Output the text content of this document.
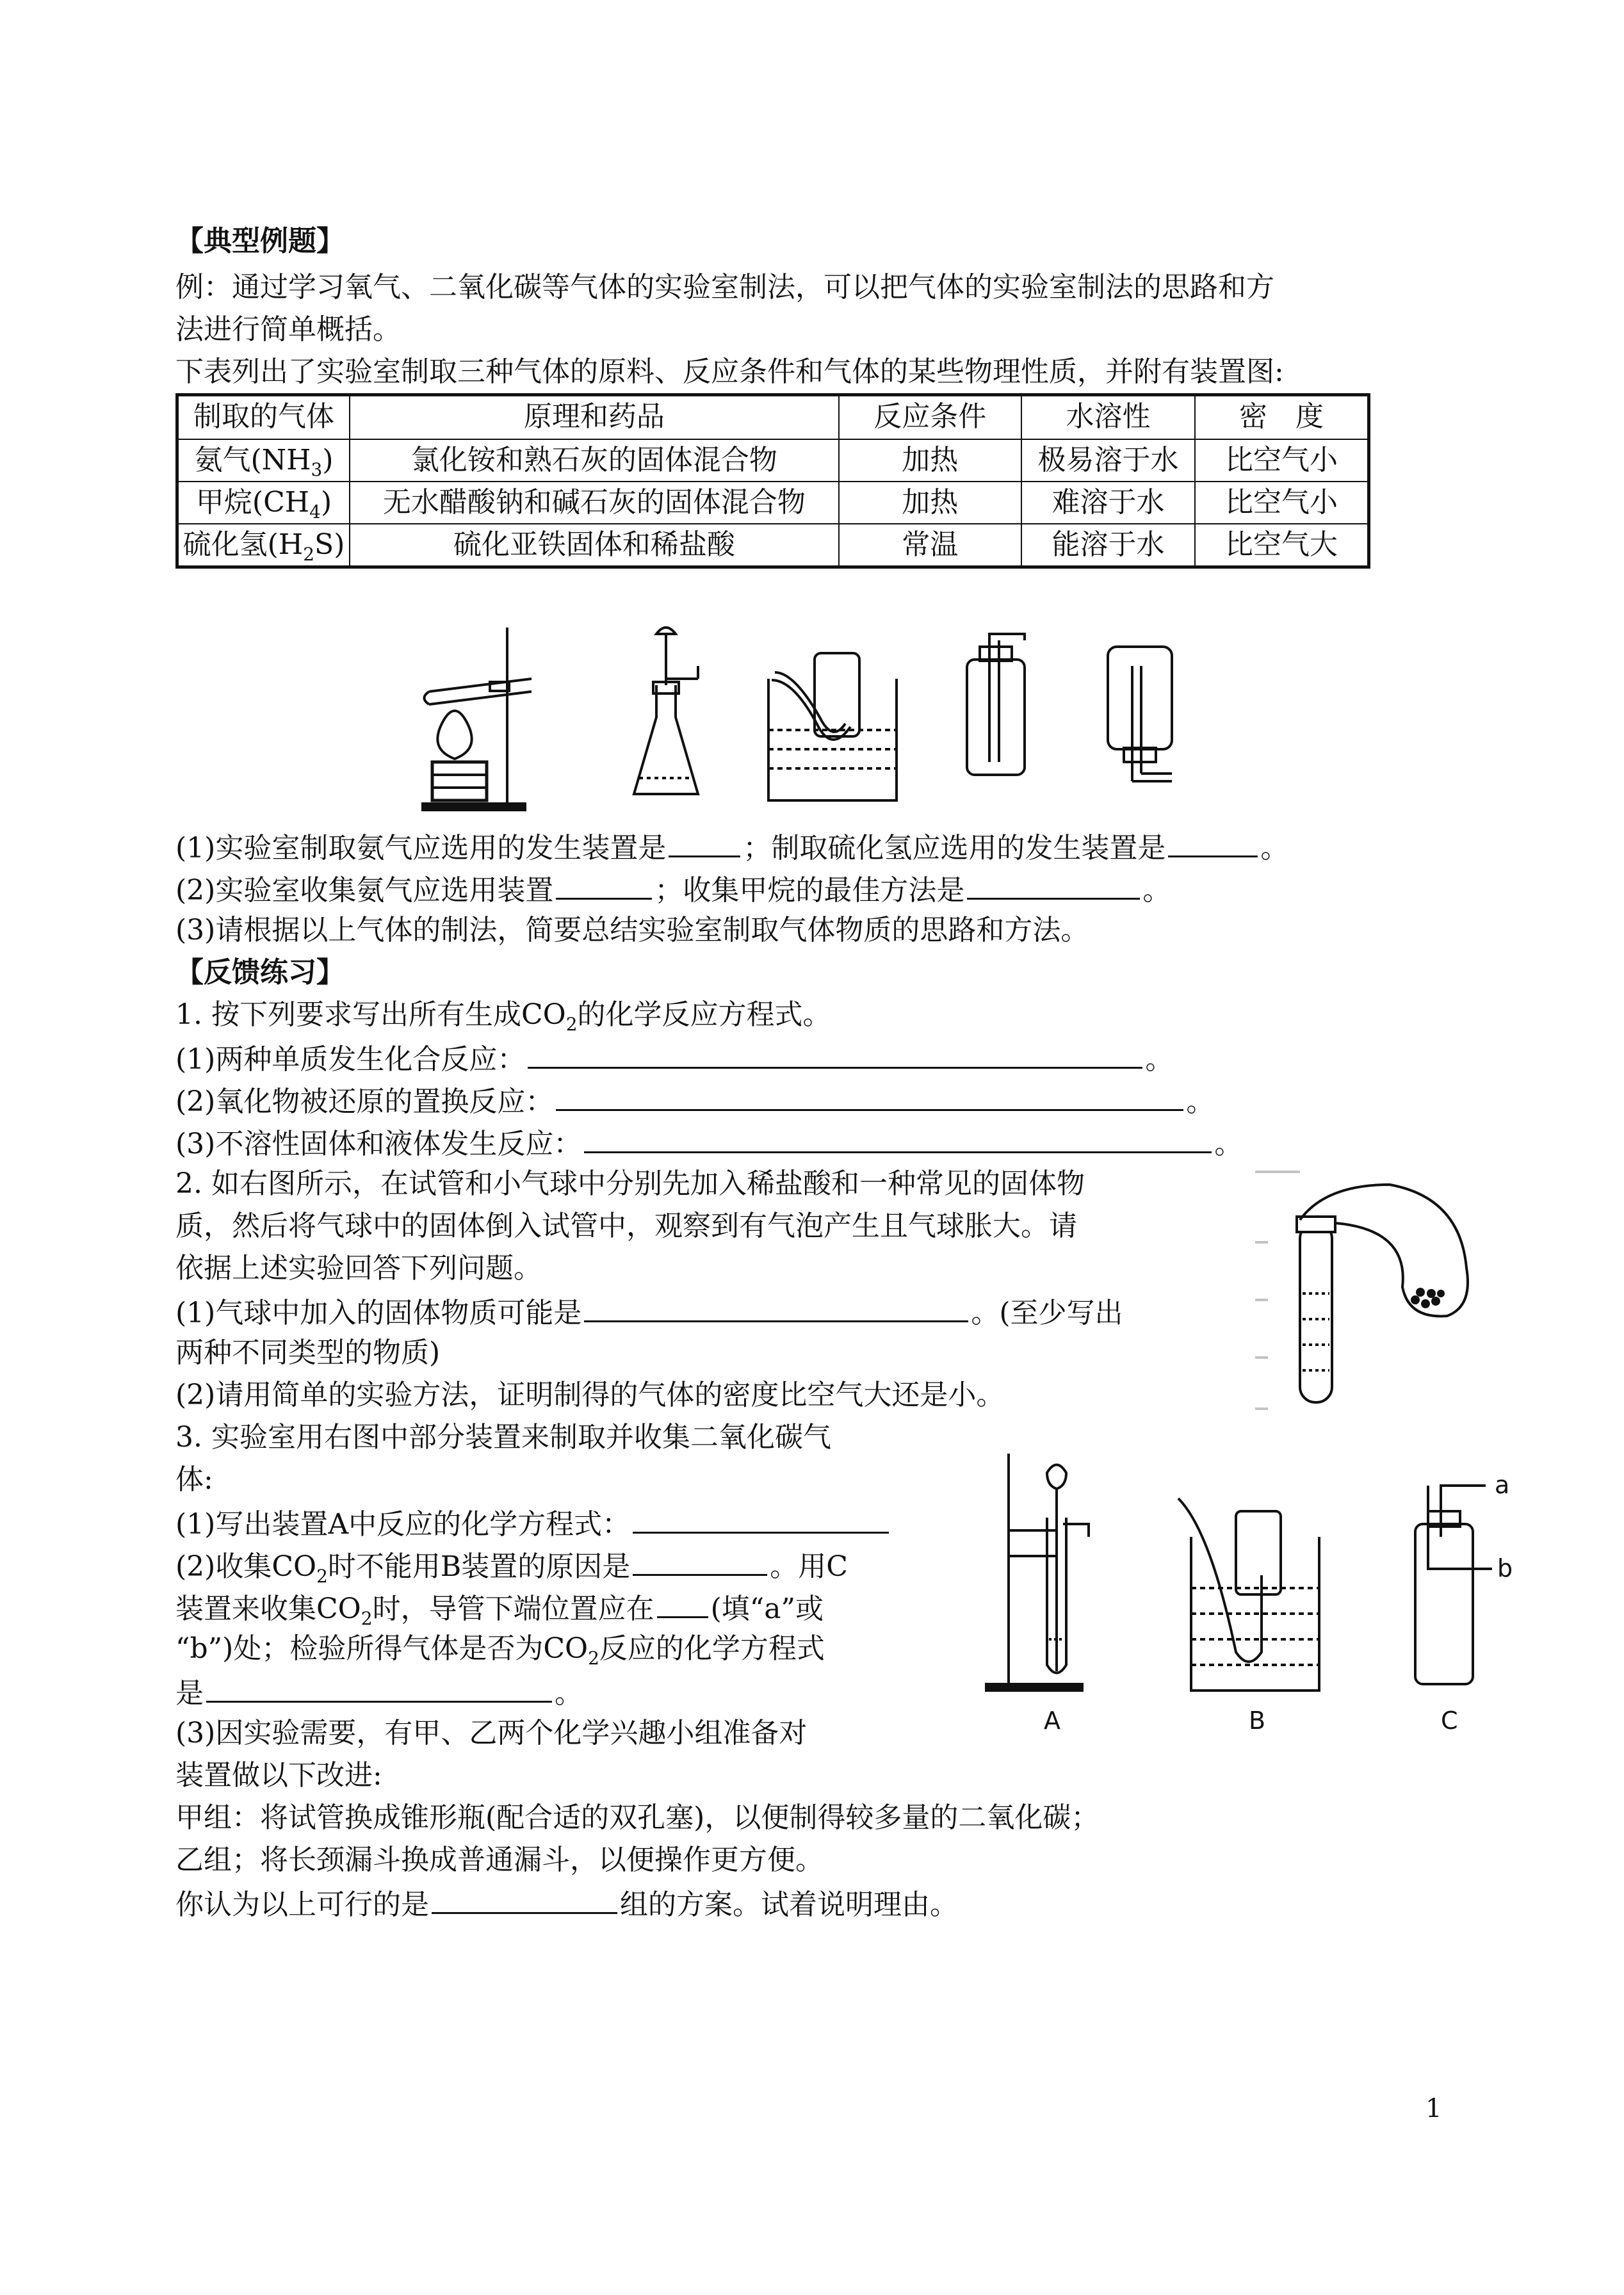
【典型例题】
例：通过学习氧气、二氧化碳等气体的实验室制法，可以把气体的实验室制法的思路和方
法进行简单概括。
下表列出了实验室制取三种气体的原料、反应条件和气体的某些物理性质，并附有装置图:
制取的气体	原理和药品	反应条件	水溶性	密　度
氨气$(NH_3)$	氯化铵和熟石灰的固体混合物	加热	极易溶于水	比空气小
甲烷$(CH_4)$	无水醋酸钠和碱石灰的固体混合物	加热	难溶于水	比空气小
硫化氢$(H_2S)$	硫化亚铁固体和稀盐酸	常温	能溶于水	比空气大
(1)实验室制取氨气应选用的发生装置是	；制取硫化氢应选用的发生装置是	。
(2)实验室收集氨气应选用装置	；收集甲烷的最佳方法是	。
(3)请根据以上气体的制法，简要总结实验室制取气体物质的思路和方法。
【反馈练习】
1. 按下列要求写出所有生成$CO_2$的化学反应方程式。
(1)两种单质发生化合反应：	。
(2)氧化物被还原的置换反应：	。
(3)不溶性固体和液体发生反应：	。
2. 如右图所示，在试管和小气球中分别先加入稀盐酸和一种常见的固体物
质，然后将气球中的固体倒入试管中，观察到有气泡产生且气球胀大。请
依据上述实验回答下列问题。
(1)气球中加入的固体物质可能是	。(至少写出
两种不同类型的物质)
(2)请用简单的实验方法，证明制得的气体的密度比空气大还是小。
3. 实验室用右图中部分装置来制取并收集二氧化碳气
体:
(1)写出装置A中反应的化学方程式：
(2)收集$CO_2$时不能用B装置的原因是	。用C
装置来收集$CO_2$时，导管下端位置应在 (填“a”或
“b”)处；检验所得气体是否为$CO_2$反应的化学方程式
是	。
(3)因实验需要，有甲、乙两个化学兴趣小组准备对
装置做以下改进:
甲组：将试管换成锥形瓶(配合适的双孔塞)，以便制得较多量的二氧化碳；
乙组；将长颈漏斗换成普通漏斗，以便操作更方便。
你认为以上可行的是	组的方案。试着说明理由。
A	B
a
b
C
1
